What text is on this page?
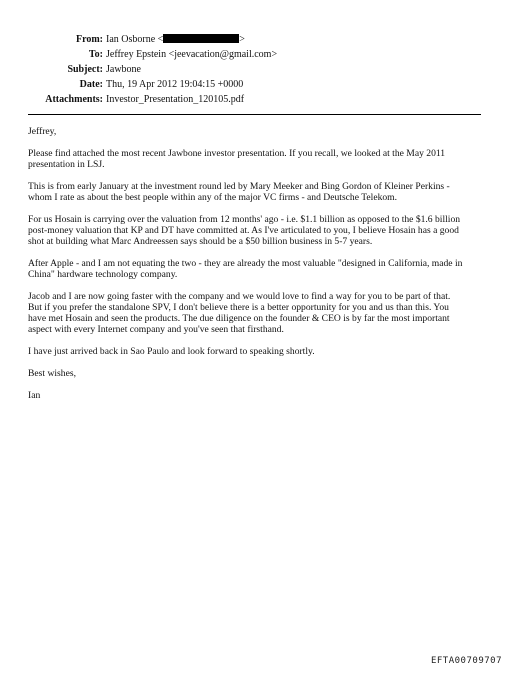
From: Ian Osborne <	>
To: Jeffrey Epstein <jeevacation@gmail.com>
Subject: Jawbone
Date: Thu, 19 Apr 2012 19:04:15 +0000
Attachments: Investor_Presentation_120105.pdf
Jeffrey,
Please find attached the most recent Jawbone investor presentation. If you recall, we looked at the May 2011
presentation in LSJ.
This is from early January at the investment round led by Mary Meeker and Bing Gordon of Kleiner Perkins -
whom I rate as about the best people within any of the major VC firms - and Deutsche Telekom.
For us Hosain is carrying over the valuation from 12 months' ago - i.e. $1.1 billion as opposed to the $1.6 billion
post-money valuation that KP and DT have committed at. As I've articulated to you, I believe Hosain has a good
shot at building what Marc Andreessen says should be a $50 billion business in 5-7 years.
After Apple - and I am not equating the two - they are already the most valuable "designed in California, made in
China" hardware technology company.
Jacob and I are now going faster with the company and we would love to find a way for you to be part of that.
But if you prefer the standalone SPV, I don't believe there is a better opportunity for you and us than this. You
have met Hosain and seen the products. The due diligence on the founder & CEO is by far the most important
aspect with every Internet company and you've seen that firsthand.
I have just arrived back in Sao Paulo and look forward to speaking shortly.
Best wishes,
Ian
EFTA00709707
